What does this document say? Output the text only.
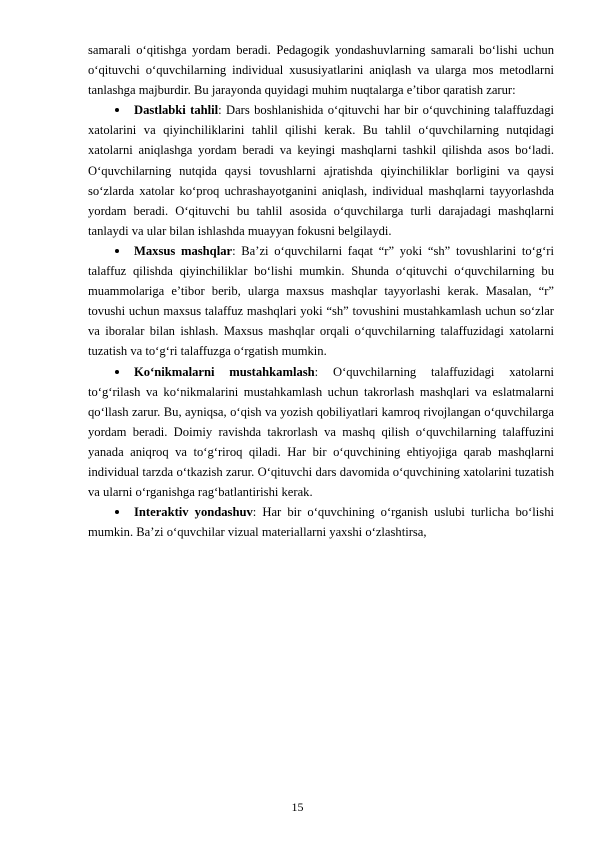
samarali o‘qitishga yordam beradi. Pedagogik yondashuvlarning samarali bo‘lishi uchun o‘qituvchi o‘quvchilarning individual xususiyatlarini aniqlash va ularga mos metodlarni tanlashga majburdir. Bu jarayonda quyidagi muhim nuqtalarga e’tibor qaratish zarur:

Dastlabki tahlil: Dars boshlanishida o‘qituvchi har bir o‘quvchining talaffuzdagi xatolarini va qiyinchiliklarini tahlil qilishi kerak. Bu tahlil o‘quvchilarning nutqidagi xatolarni aniqlashga yordam beradi va keyingi mashqlarni tashkil qilishda asos bo‘ladi. O‘quvchilarning nutqida qaysi tovushlarni ajratishda qiyinchiliklar borligini va qaysi so‘zlarda xatolar ko‘proq uchrashayotganini aniqlash, individual mashqlarni tayyorlashda yordam beradi. O‘qituvchi bu tahlil asosida o‘quvchilarga turli darajadagi mashqlarni tanlaydi va ular bilan ishlashda muayyan fokusni belgilaydi.
Maxsus mashqlar: Ba’zi o‘quvchilarni faqat “r” yoki “sh” tovushlarini to‘g‘ri talaffuz qilishda qiyinchiliklar bo‘lishi mumkin. Shunda o‘qituvchi o‘quvchilarning bu muammolariga e’tibor berib, ularga maxsus mashqlar tayyorlashi kerak. Masalan, “r” tovushi uchun maxsus talaffuz mashqlari yoki “sh” tovushini mustahkamlash uchun so‘zlar va iboralar bilan ishlash. Maxsus mashqlar orqali o‘quvchilarning talaffuzidagi xatolarni tuzatish va to‘g‘ri talaffuzga o‘rgatish mumkin.
Ko‘nikmalarni mustahkamlash: O‘quvchilarning talaffuzidagi xatolarni to‘g‘rilash va ko‘nikmalarini mustahkamlash uchun takrorlash mashqlari va eslatmalarni qo‘llash zarur. Bu, ayniqsa, o‘qish va yozish qobiliyatlari kamroq rivojlangan o‘quvchilarga yordam beradi. Doimiy ravishda takrorlash va mashq qilish o‘quvchilarning talaffuzini yanada aniqroq va to‘g‘riroq qiladi. Har bir o‘quvchining ehtiyojiga qarab mashqlarni individual tarzda o‘tkazish zarur. O‘qituvchi dars davomida o‘quvchining xatolarini tuzatish va ularni o‘rganishga rag‘batlantirishi kerak.
Interaktiv yondashuv: Har bir o‘quvchining o‘rganish uslubi turlicha bo‘lishi mumkin. Ba’zi o‘quvchilar vizual materiallarni yaxshi o‘zlashtirsa,
15
